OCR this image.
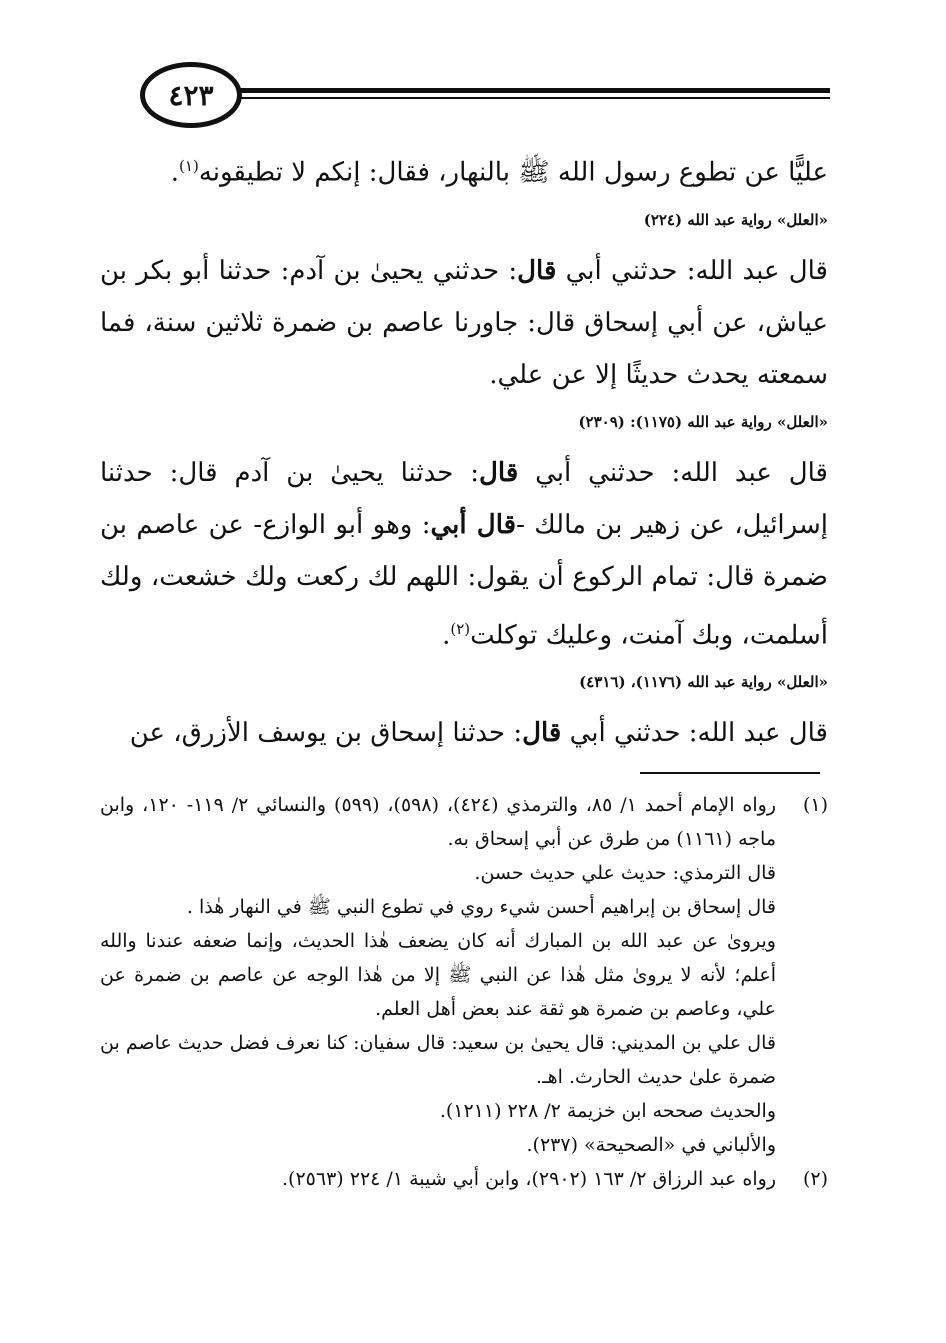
٤٢٣

عليًّا عن تطوع رسول الله ﷺ بالنهار، فقال: إنكم لا تطيقونه$^{(١)}$.

«العلل» رواية عبد الله (٢٢٤)

قال عبد الله: حدثني أبي قال: حدثني يحيىٰ بن آدم: حدثنا أبو بكر بن عياش، عن أبي إسحاق قال: جاورنا عاصم بن ضمرة ثلاثين سنة، فما سمعته يحدث حديثًا إلا عن علي.

«العلل» رواية عبد الله (١١٧٥): (٢٣٠٩)

قال عبد الله: حدثني أبي قال: حدثنا يحيىٰ بن آدم قال: حدثنا إسرائيل، عن زهير بن مالك -قال أبي: وهو أبو الوازع- عن عاصم بن ضمرة قال: تمام الركوع أن يقول: اللهم لك ركعت ولك خشعت، ولك أسلمت، وبك آمنت، وعليك توكلت$^{(٢)}$.

«العلل» رواية عبد الله (١١٧٦)، (٤٣١٦)

قال عبد الله: حدثني أبي قال: حدثنا إسحاق بن يوسف الأزرق، عن

(١)

رواه الإمام أحمد ١/ ٨٥، والترمذي (٤٢٤)، (٥٩٨)، (٥٩٩) والنسائي ٢/ ١١٩- ١٢٠، وابن ماجه (١١٦١) من طرق عن أبي إسحاق به.

قال الترمذي: حديث علي حديث حسن.

قال إسحاق بن إبراهيم أحسن شيء روي في تطوع النبي ﷺ في النهار هٰذا .

ويروىٰ عن عبد الله بن المبارك أنه كان يضعف هٰذا الحديث، وإنما ضعفه عندنا والله أعلم؛ لأنه لا يروىٰ مثل هٰذا عن النبي ﷺ إلا من هٰذا الوجه عن عاصم بن ضمرة عن علي، وعاصم بن ضمرة هو ثقة عند بعض أهل العلم.

قال علي بن المديني: قال يحيىٰ بن سعيد: قال سفيان: كنا نعرف فضل حديث عاصم بن ضمرة علىٰ حديث الحارث. اهـ.

والحديث صححه ابن خزيمة ٢/ ٢٢٨ (١٢١١).

والألباني في «الصحيحة» (٢٣٧).

(٢)

رواه عبد الرزاق ٢/ ١٦٣ (٢٩٠٢)، وابن أبي شيبة ١/ ٢٢٤ (٢٥٦٣).
